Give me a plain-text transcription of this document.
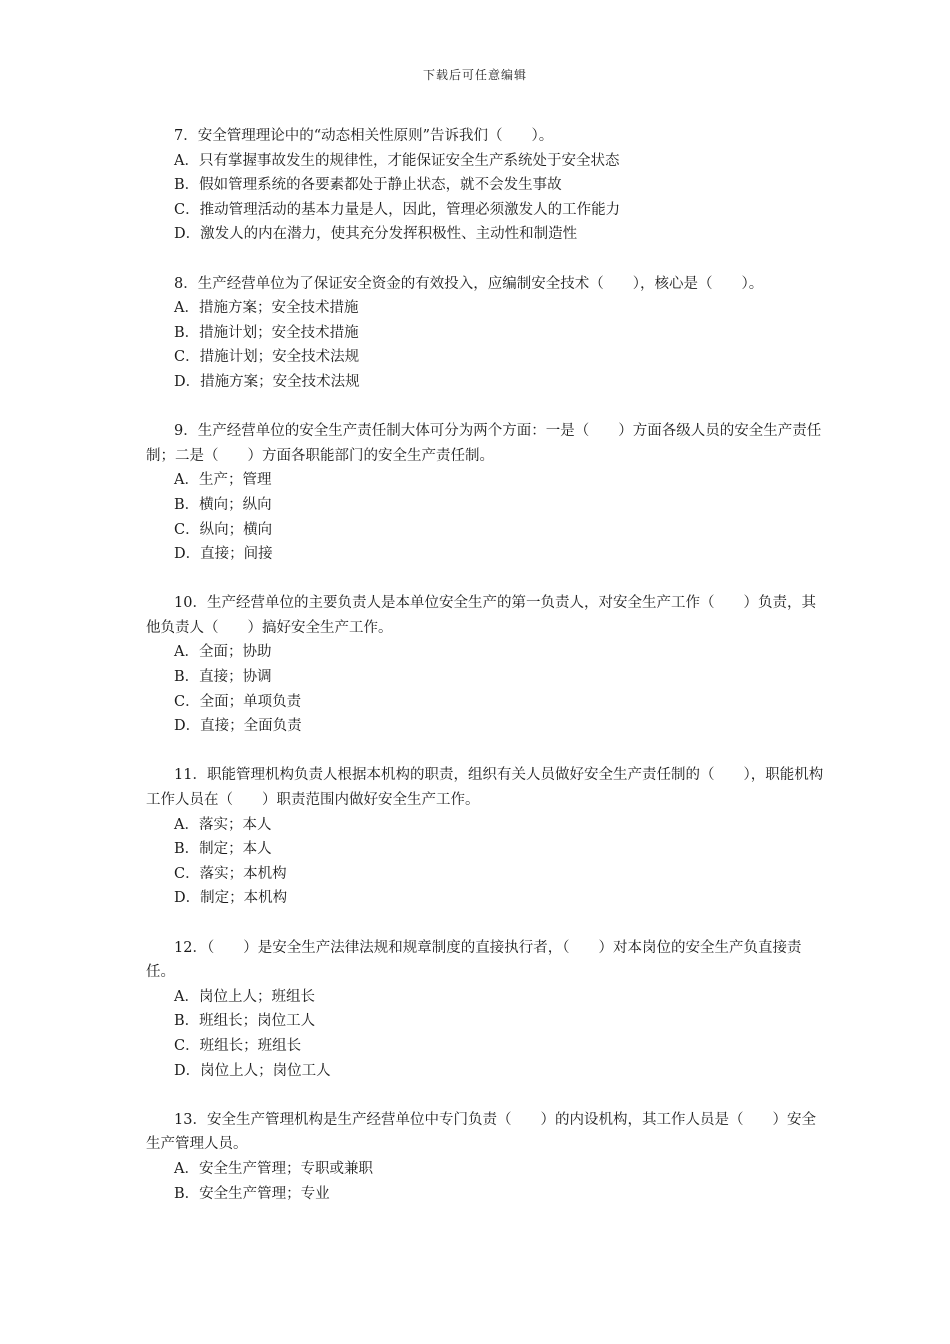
下载后可任意编辑
7．安全管理理论中的“动态相关性原则”告诉我们（　　）。
A．只有掌握事故发生的规律性，才能保证安全生产系统处于安全状态
B．假如管理系统的各要素都处于静止状态，就不会发生事故
C．推动管理活动的基本力量是人，因此，管理必须激发人的工作能力
D．激发人的内在潜力，使其充分发挥积极性、主动性和制造性
8．生产经营单位为了保证安全资金的有效投入，应编制安全技术（　　），核心是（　　）。
A．措施方案；安全技术措施
B．措施计划；安全技术措施
C．措施计划；安全技术法规
D．措施方案；安全技术法规
9．生产经营单位的安全生产责任制大体可分为两个方面：一是（　　）方面各级人员的安全生产责任制；二是（　　）方面各职能部门的安全生产责任制。
A．生产；管理
B．横向；纵向
C．纵向；横向
D．直接；间接
10．生产经营单位的主要负责人是本单位安全生产的第一负责人，对安全生产工作（　　）负责，其他负责人（　　）搞好安全生产工作。
A．全面；协助
B．直接；协调
C．全面；单项负责
D．直接；全面负责
11．职能管理机构负责人根据本机构的职责，组织有关人员做好安全生产责任制的（　　），职能机构工作人员在（　　）职责范围内做好安全生产工作。
A．落实；本人
B．制定；本人
C．落实；本机构
D．制定；本机构
12．（　　）是安全生产法律法规和规章制度的直接执行者，（　　）对本岗位的安全生产负直接责任。
A．岗位上人；班组长
B．班组长；岗位工人
C．班组长；班组长
D．岗位上人；岗位工人
13．安全生产管理机构是生产经营单位中专门负责（　　）的内设机构，其工作人员是（　　）安全生产管理人员。
A．安全生产管理；专职或兼职
B．安全生产管理；专业
